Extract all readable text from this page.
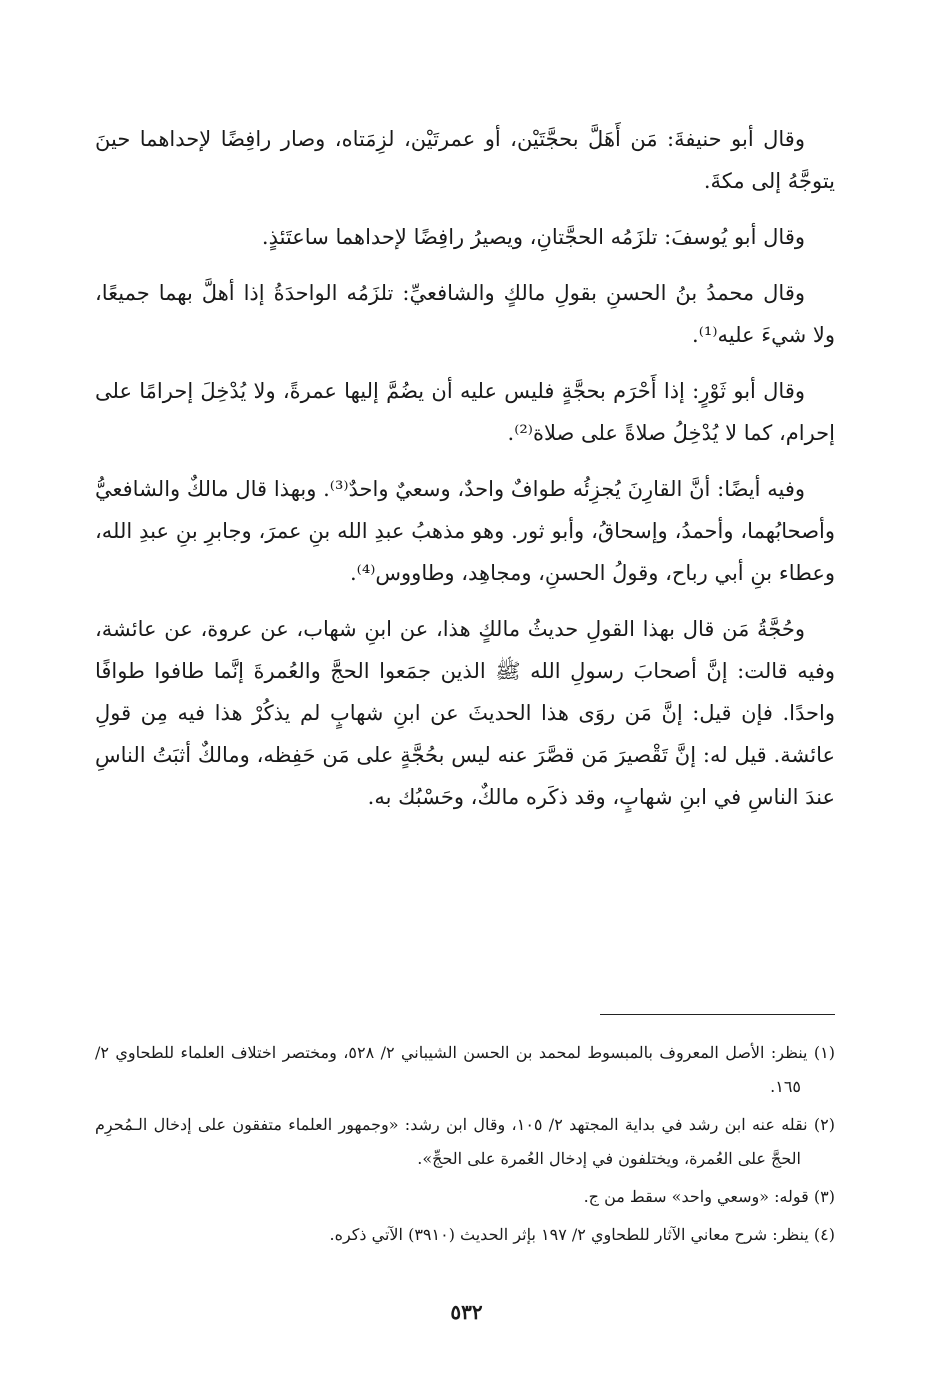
وقال أبو حنيفةَ: مَن أَهَلَّ بحجَّتَيْن، أو عمرتَيْن، لزِمَتاه، وصار رافِضًا لإحداهما حينَ يتوجَّهُ إلى مكةَ.

وقال أبو يُوسفَ: تلزَمُه الحجَّتانِ، ويصيرُ رافِضًا لإحداهما ساعتَئذٍ.

وقال محمدُ بنُ الحسنِ بقولِ مالكٍ والشافعيِّ: تلزَمُه الواحدَةُ إذا أهلَّ بهما جميعًا، ولا شيءَ عليه⁽¹⁾.

وقال أبو ثَوْرٍ: إذا أَحْرَم بحجَّةٍ فليس عليه أن يضُمَّ إليها عمرةً، ولا يُدْخِلَ إحرامًا على إحرام، كما لا يُدْخِلُ صلاةً على صلاة⁽²⁾.

وفيه أيضًا: أنَّ القارِنَ يُجزِئُه طوافٌ واحدٌ، وسعيٌ واحدٌ⁽³⁾. وبهذا قال مالكٌ والشافعيُّ وأصحابُهما، وأحمدُ، وإسحاقُ، وأبو ثور. وهو مذهبُ عبدِ الله بنِ عمرَ، وجابرِ بنِ عبدِ الله، وعطاء بنِ أبي رباح، وقولُ الحسنِ، ومجاهِد، وطاووس⁽⁴⁾.

وحُجَّةُ مَن قال بهذا القولِ حديثُ مالكٍ هذا، عن ابنِ شهاب، عن عروة، عن عائشة، وفيه قالت: إنَّ أصحابَ رسولِ الله ﷺ الذين جمَعوا الحجَّ والعُمرةَ إنَّما طافوا طوافًا واحدًا. فإن قيل: إنَّ مَن روَى هذا الحديثَ عن ابنِ شهابٍ لم يذكُرْ هذا فيه مِن قولِ عائشة. قيل له: إنَّ تَقْصيرَ مَن قصَّرَ عنه ليس بحُجَّةٍ على مَن حَفِظه، ومالكٌ أثبَتُ الناسِ عندَ الناسِ في ابنِ شهابٍ، وقد ذكَره مالكٌ، وحَسْبُك به.

(١) ينظر: الأصل المعروف بالمبسوط لمحمد بن الحسن الشيباني ٢/ ٥٢٨، ومختصر اختلاف العلماء للطحاوي ٢/ ١٦٥.

(٢) نقله عنه ابن رشد في بداية المجتهد ٢/ ١٠٥، وقال ابن رشد: «وجمهور العلماء متفقون على إدخال الـمُحرِم الحجَّ على العُمرة، ويختلفون في إدخال العُمرة على الحجِّ».

(٣) قوله: «وسعي واحد» سقط من ج.

(٤) ينظر: شرح معاني الآثار للطحاوي ٢/ ١٩٧ بإثر الحديث (٣٩١٠) الآتي ذكره.

٥٣٢
